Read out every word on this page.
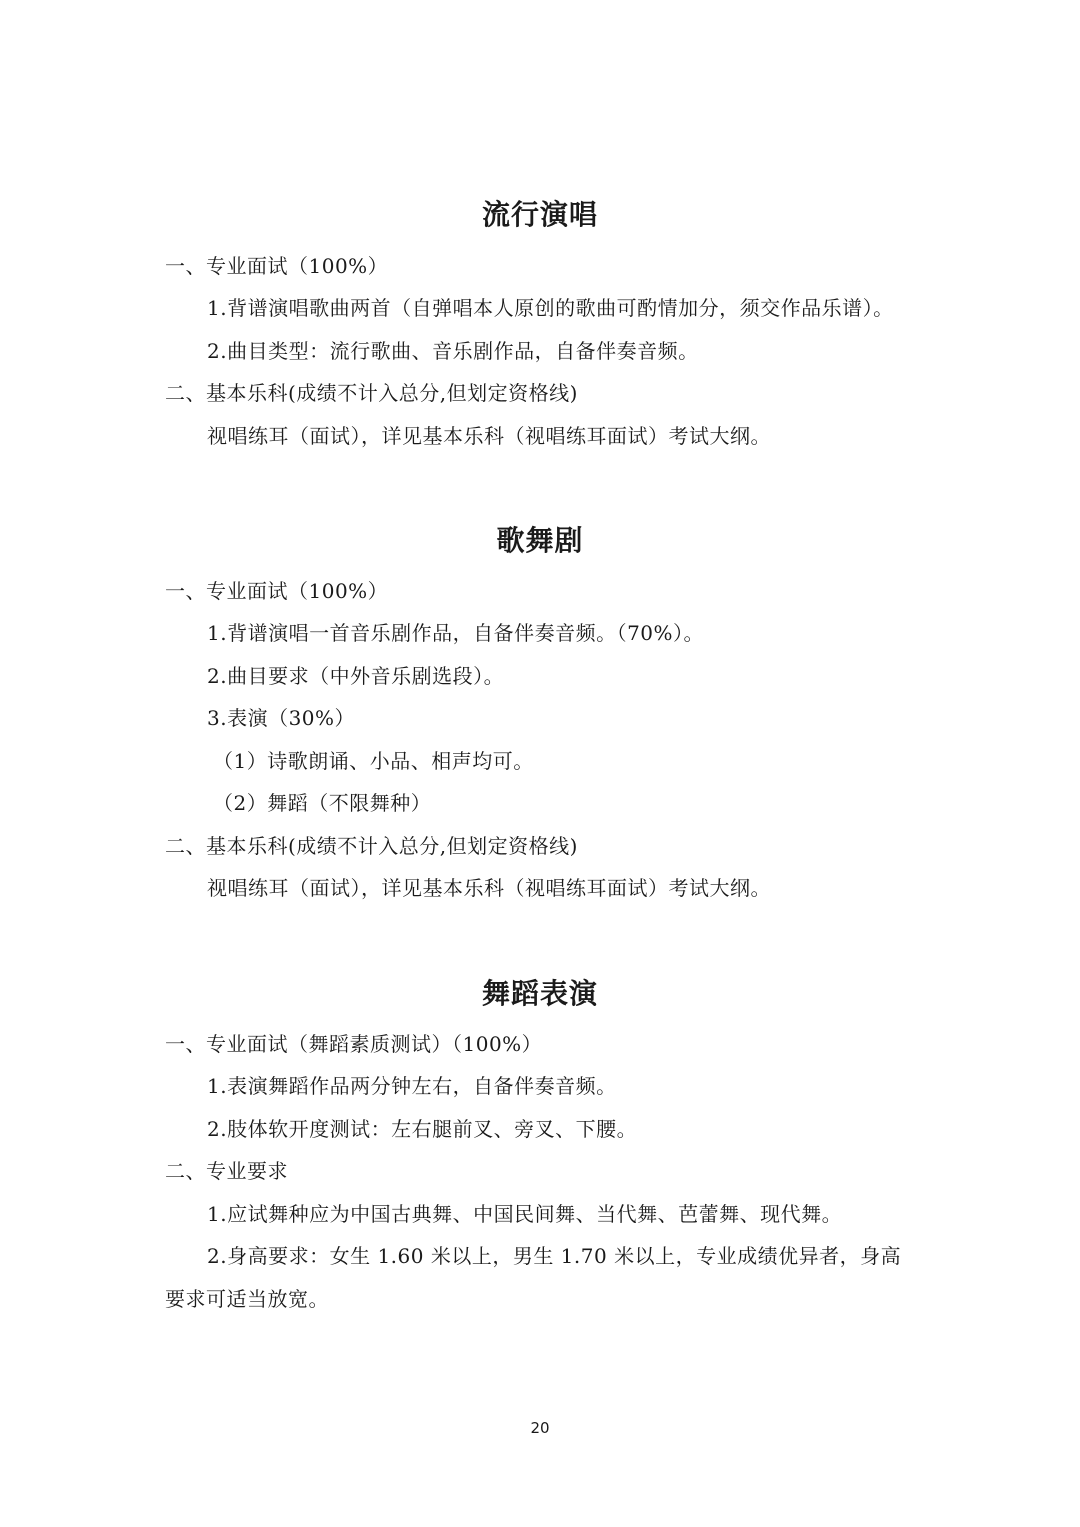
流行演唱
一、专业面试（100%）
1.背谱演唱歌曲两首（自弹唱本人原创的歌曲可酌情加分，须交作品乐谱）。
2.曲目类型：流行歌曲、音乐剧作品，自备伴奏音频。
二、基本乐科(成绩不计入总分,但划定资格线)
视唱练耳（面试），详见基本乐科（视唱练耳面试）考试大纲。
歌舞剧
一、专业面试（100%）
1.背谱演唱一首音乐剧作品，自备伴奏音频。（70%）。
2.曲目要求（中外音乐剧选段）。
3.表演（30%）
（1）诗歌朗诵、小品、相声均可。
（2）舞蹈（不限舞种）
二、基本乐科(成绩不计入总分,但划定资格线)
视唱练耳（面试），详见基本乐科（视唱练耳面试）考试大纲。
舞蹈表演
一、专业面试（舞蹈素质测试）（100%）
1.表演舞蹈作品两分钟左右，自备伴奏音频。
2.肢体软开度测试：左右腿前叉、旁叉、下腰。
二、专业要求
1.应试舞种应为中国古典舞、中国民间舞、当代舞、芭蕾舞、现代舞。
2.身高要求：女生 1.60 米以上，男生 1.70 米以上，专业成绩优异者，身高
要求可适当放宽。
20
